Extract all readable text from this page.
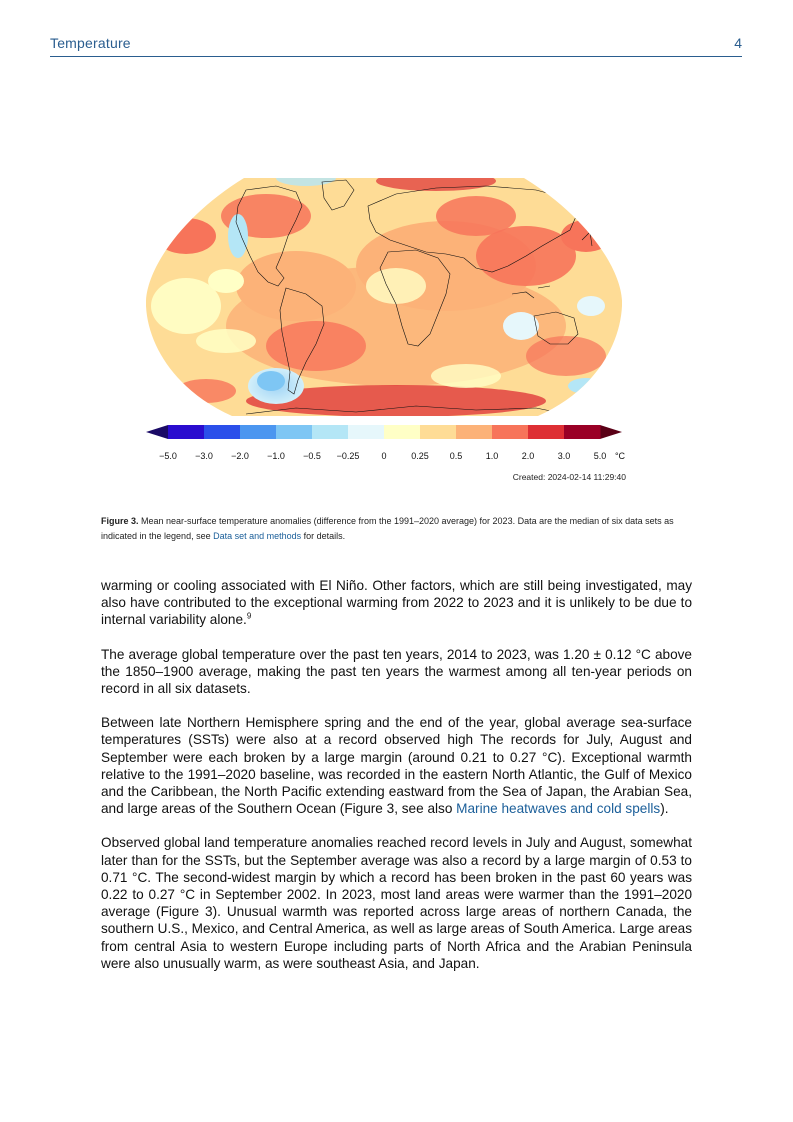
Temperature	4
−5.0 −3.0 −2.0 −1.0 −0.5 −0.25 0	0.25 0.5	1.0	2.0	3.0	5.0 °C
Created: 2024-02-14 11:29:40
Figure 3. Mean near-surface temperature anomalies (difference from the 1991–2020 average) for 2023. Data are the median of six data sets as indicated in the legend, see Data set and methods for details.

warming or cooling associated with El Niño. Other factors, which are still being investigated, may also have contributed to the exceptional warming from 2022 to 2023 and it is unlikely to be due to internal variability alone.$^9$

The average global temperature over the past ten years, 2014 to 2023, was 1.20 ± 0.12 °C above the 1850–1900 average, making the past ten years the warmest among all ten-year periods on record in all six datasets.

Between late Northern Hemisphere spring and the end of the year, global average sea-surface temperatures (SSTs) were also at a record observed high The records for July, August and September were each broken by a large margin (around 0.21 to 0.27 °C). Exceptional warmth relative to the 1991–2020 baseline, was recorded in the eastern North Atlantic, the Gulf of Mexico and the Caribbean, the North Pacific extending eastward from the Sea of Japan, the Arabian Sea, and large areas of the Southern Ocean (Figure 3, see also Marine heatwaves and cold spells).

Observed global land temperature anomalies reached record levels in July and August, somewhat later than for the SSTs, but the September average was also a record by a large margin of 0.53 to 0.71 °C. The second-widest margin by which a record has been broken in the past 60 years was 0.22 to 0.27 °C in September 2002. In 2023, most land areas were warmer than the 1991–2020 average (Figure 3). Unusual warmth was reported across large areas of northern Canada, the southern U.S., Mexico, and Central America, as well as large areas of South America. Large areas from central Asia to western Europe including parts of North Africa and the Arabian Peninsula were also unusually warm, as were southeast Asia, and Japan.
